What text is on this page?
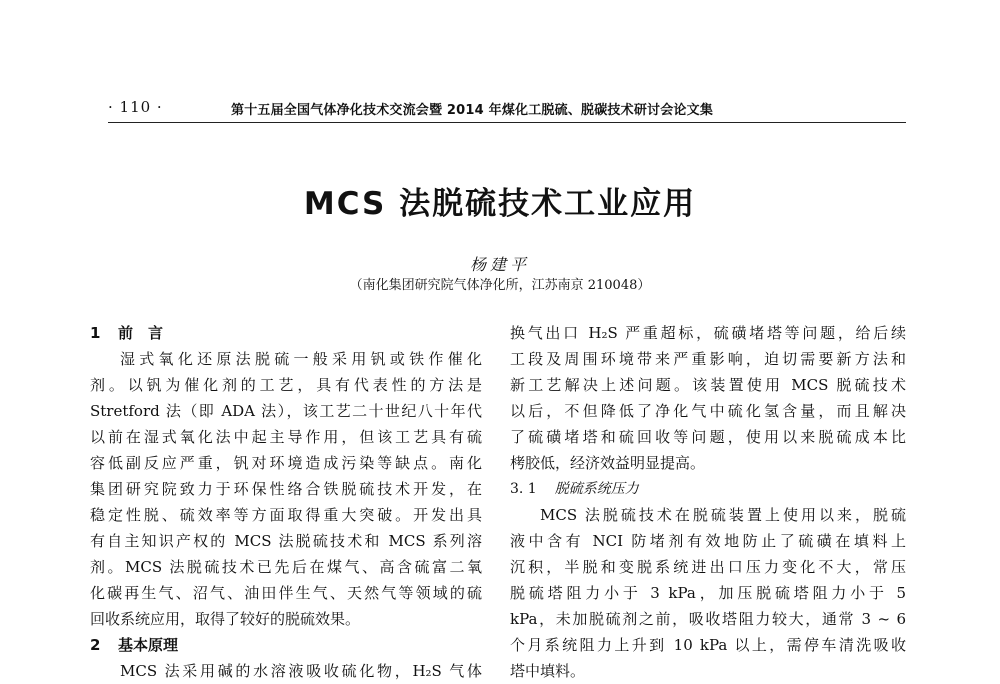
· 110 ·	第十五届全国气体净化技术交流会暨 2014 年煤化工脱硫、脱碳技术研讨会论文集
MCS 法脱硫技术工业应用
杨建平
（南化集团研究院气体净化所，江苏南京 210048）
1 前　言
湿式氧化还原法脱硫一般采用钒或铁作催化
剂。以钒为催化剂的工艺，具有代表性的方法是
Stretford 法（即 ADA 法），该工艺二十世纪八十年代
以前在湿式氧化法中起主导作用，但该工艺具有硫
容低副反应严重，钒对环境造成污染等缺点。南化
集团研究院致力于环保性络合铁脱硫技术开发，在
稳定性脱、硫效率等方面取得重大突破。开发出具
有自主知识产权的 MCS 法脱硫技术和 MCS 系列溶
剂。MCS 法脱硫技术已先后在煤气、高含硫富二氧
化碳再生气、沼气、油田伴生气、天然气等领域的硫
回收系统应用，取得了较好的脱硫效果。
2 基本原理
MCS 法采用碱的水溶液吸收硫化物，H₂S 气体
换气出口 H₂S 严重超标，硫磺堵塔等问题，给后续
工段及周围环境带来严重影响，迫切需要新方法和
新工艺解决上述问题。该装置使用 MCS 脱硫技术
以后，不但降低了净化气中硫化氢含量，而且解决
了硫磺堵塔和硫回收等问题，使用以来脱硫成本比
栲胶低，经济效益明显提高。
3. 1 脱硫系统压力
MCS 法脱硫技术在脱硫装置上使用以来，脱硫
液中含有 NCI 防堵剂有效地防止了硫磺在填料上
沉积，半脱和变脱系统进出口压力变化不大，常压
脱硫塔阻力小于 3 kPa，加压脱硫塔阻力小于 5
kPa，未加脱硫剂之前，吸收塔阻力较大，通常 3 ~ 6
个月系统阻力上升到 10 kPa 以上，需停车清洗吸收
塔中填料。
